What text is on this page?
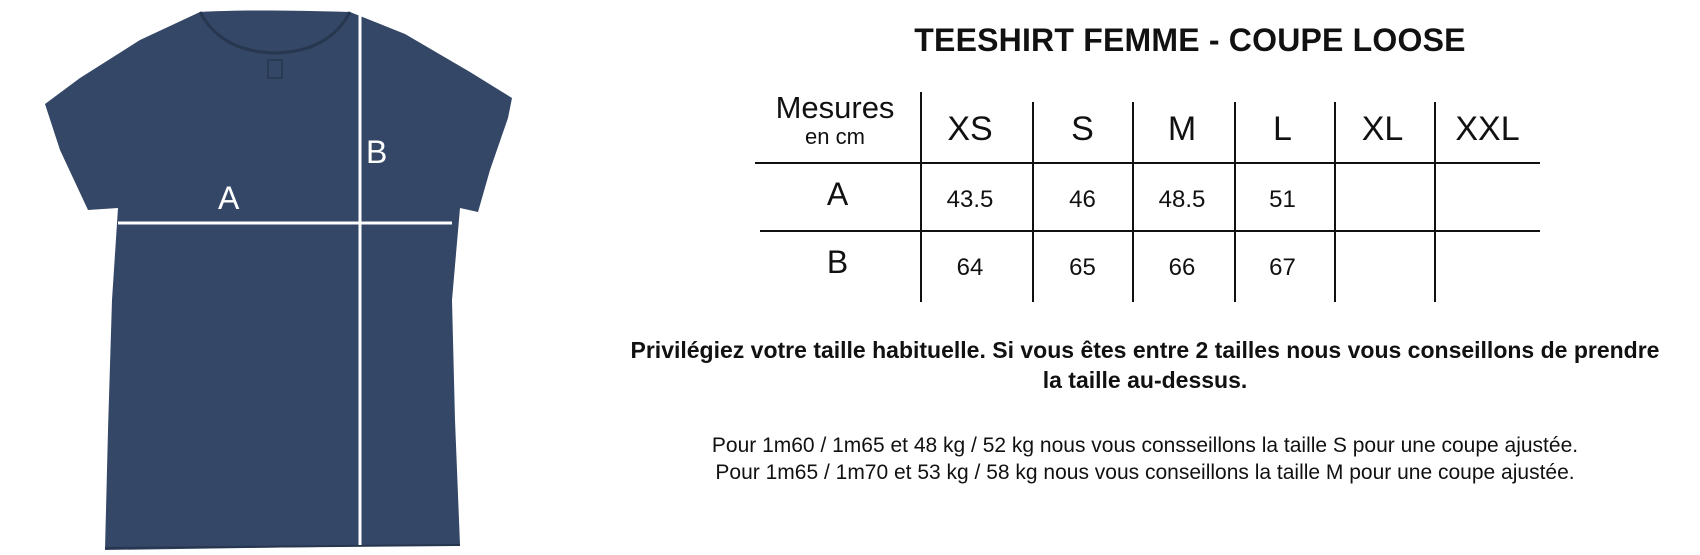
A
B
TEESHIRT FEMME - COUPE LOOSE
Mesures
en cm	XS	S	M	L	XL	XXL
A	43.5	46	48.5	51
B	64	65	66	67
Privilégiez votre taille habituelle. Si vous êtes entre 2 tailles nous vous conseillons de prendre la taille au-dessus.
Pour 1m60 / 1m65 et 48 kg / 52 kg nous vous consseillons la taille S pour une coupe ajustée.
Pour 1m65 / 1m70 et 53 kg / 58 kg nous vous conseillons la taille M pour une coupe ajustée.
